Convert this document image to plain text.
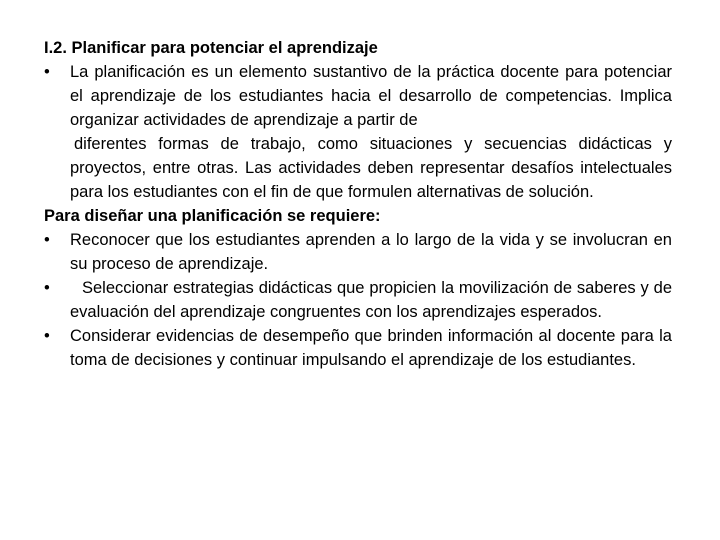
I.2. Planificar para potenciar el aprendizaje

•	La planificación es un elemento sustantivo de la práctica docente para potenciar el aprendizaje de los estudiantes hacia el desarrollo de competencias. Implica organizar actividades de aprendizaje a partir de
diferentes formas de trabajo, como situaciones y secuencias didácticas y proyectos, entre otras. Las actividades deben representar desafíos intelectuales para los estudiantes con el fin de que formulen alternativas de solución.

Para diseñar una planificación se requiere:

•	Reconocer que los estudiantes aprenden a lo largo de la vida y se involucran en su proceso de aprendizaje.
•	Seleccionar estrategias didácticas que propicien la movilización de saberes y de evaluación del aprendizaje congruentes con los aprendizajes esperados.
•	Considerar evidencias de desempeño que brinden información al docente para la toma de decisiones y continuar impulsando el aprendizaje de los estudiantes.
